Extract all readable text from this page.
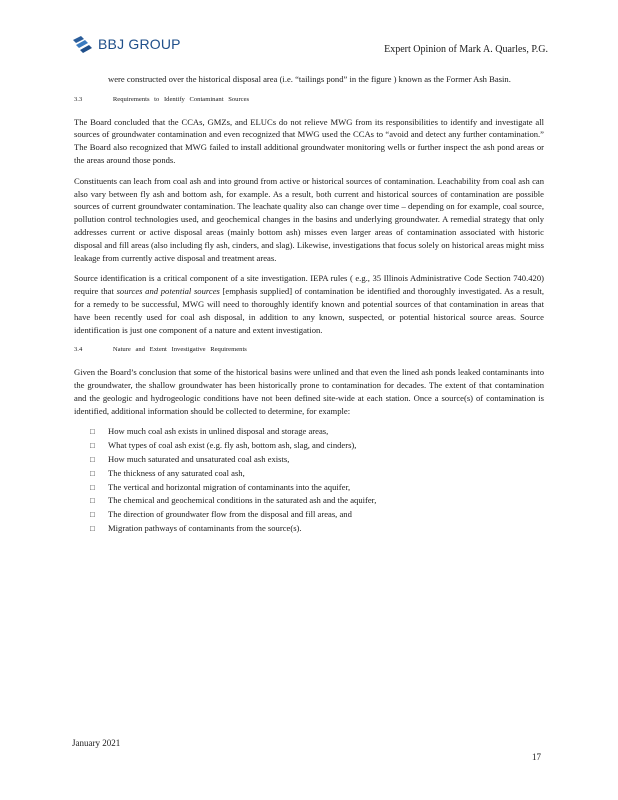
BBJ GROUP	Expert Opinion of Mark A. Quarles, P.G.

were constructed over the historical disposal area (i.e. “tailings pond” in the figure ) known as the Former Ash Basin.

3.3	Requirements to Identify Contaminant Sources

The Board concluded that the CCAs, GMZs, and ELUCs do not relieve MWG from its responsibilities to identify and investigate all sources of groundwater contamination and even recognized that MWG used the CCAs to “avoid and detect any further contamination.” The Board also recognized that MWG failed to install additional groundwater monitoring wells or further inspect the ash pond areas or the areas around those ponds.

Constituents can leach from coal ash and into ground from active or historical sources of contamination. Leachability from coal ash can also vary between fly ash and bottom ash, for example. As a result, both current and historical sources of contamination are possible sources of current groundwater contamination. The leachate quality also can change over time – depending on for example, coal source, pollution control technologies used, and geochemical changes in the basins and underlying groundwater. A remedial strategy that only addresses current or active disposal areas (mainly bottom ash) misses even larger areas of contamination associated with historic disposal and fill areas (also including fly ash, cinders, and slag). Likewise, investigations that focus solely on historical areas might miss leakage from currently active disposal and treatment areas.

Source identification is a critical component of a site investigation. IEPA rules ( e.g., 35 Illinois Administrative Code Section 740.420) require that sources and potential sources [emphasis supplied] of contamination be identified and thoroughly investigated. As a result, for a remedy to be successful, MWG will need to thoroughly identify known and potential sources of that contamination in areas that have been recently used for coal ash disposal, in addition to any known, suspected, or potential historical source areas. Source identification is just one component of a nature and extent investigation.

3.4	Nature and Extent Investigative Requirements

Given the Board’s conclusion that some of the historical basins were unlined and that even the lined ash ponds leaked contaminants into the groundwater, the shallow groundwater has been historically prone to contamination for decades. The extent of that contamination and the geologic and hydrogeologic conditions have not been defined site-wide at each station. Once a source(s) of contamination is identified, additional information should be collected to determine, for example:

□	How much coal ash exists in unlined disposal and storage areas,
□	What types of coal ash exist (e.g. fly ash, bottom ash, slag, and cinders),
□	How much saturated and unsaturated coal ash exists,
□	The thickness of any saturated coal ash,
□	The vertical and horizontal migration of contaminants into the aquifer,
□	The chemical and geochemical conditions in the saturated ash and the aquifer,
□	The direction of groundwater flow from the disposal and fill areas, and
□	Migration pathways of contaminants from the source(s).
January 2021
17
